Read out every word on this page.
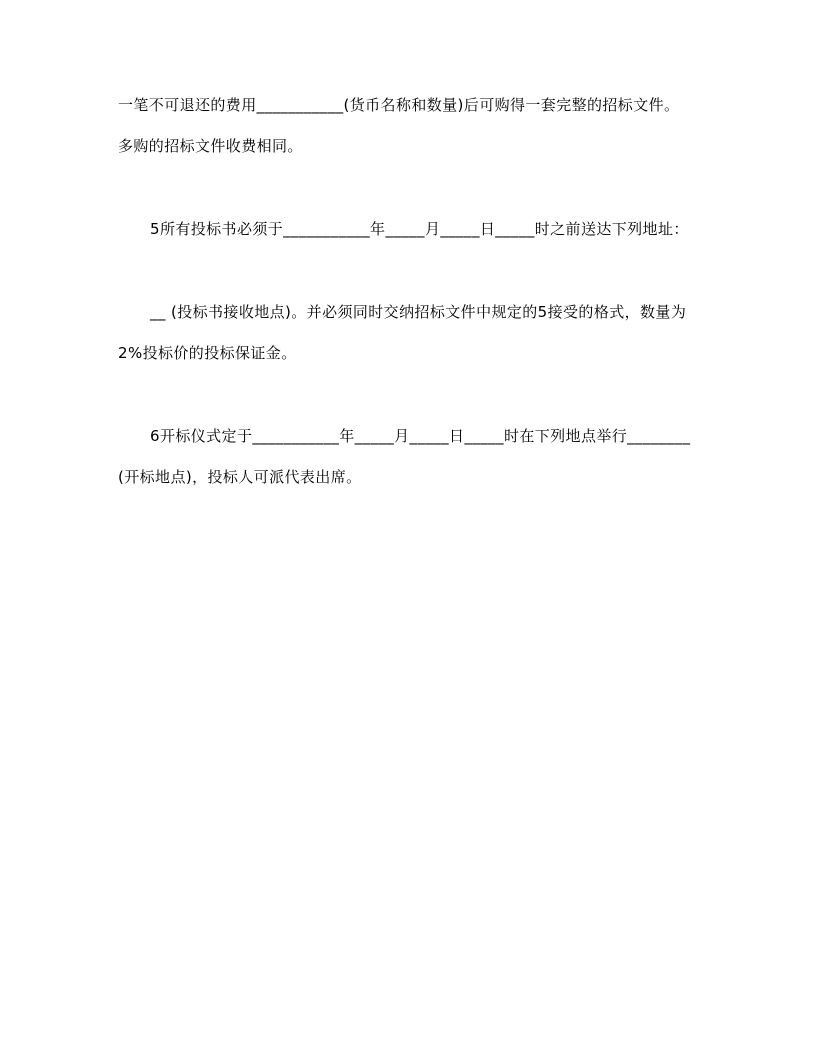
一笔不可退还的费用___________(货币名称和数量)后可购得一套完整的招标文件。
多购的招标文件收费相同。

5所有投标书必须于___________年_____月_____日_____时之前送达下列地址：

__ (投标书接收地点)。并必须同时交纳招标文件中规定的5接受的格式，数量为
2%投标价的投标保证金。

6开标仪式定于___________年_____月_____日_____时在下列地点举行________
(开标地点)，投标人可派代表出席。
